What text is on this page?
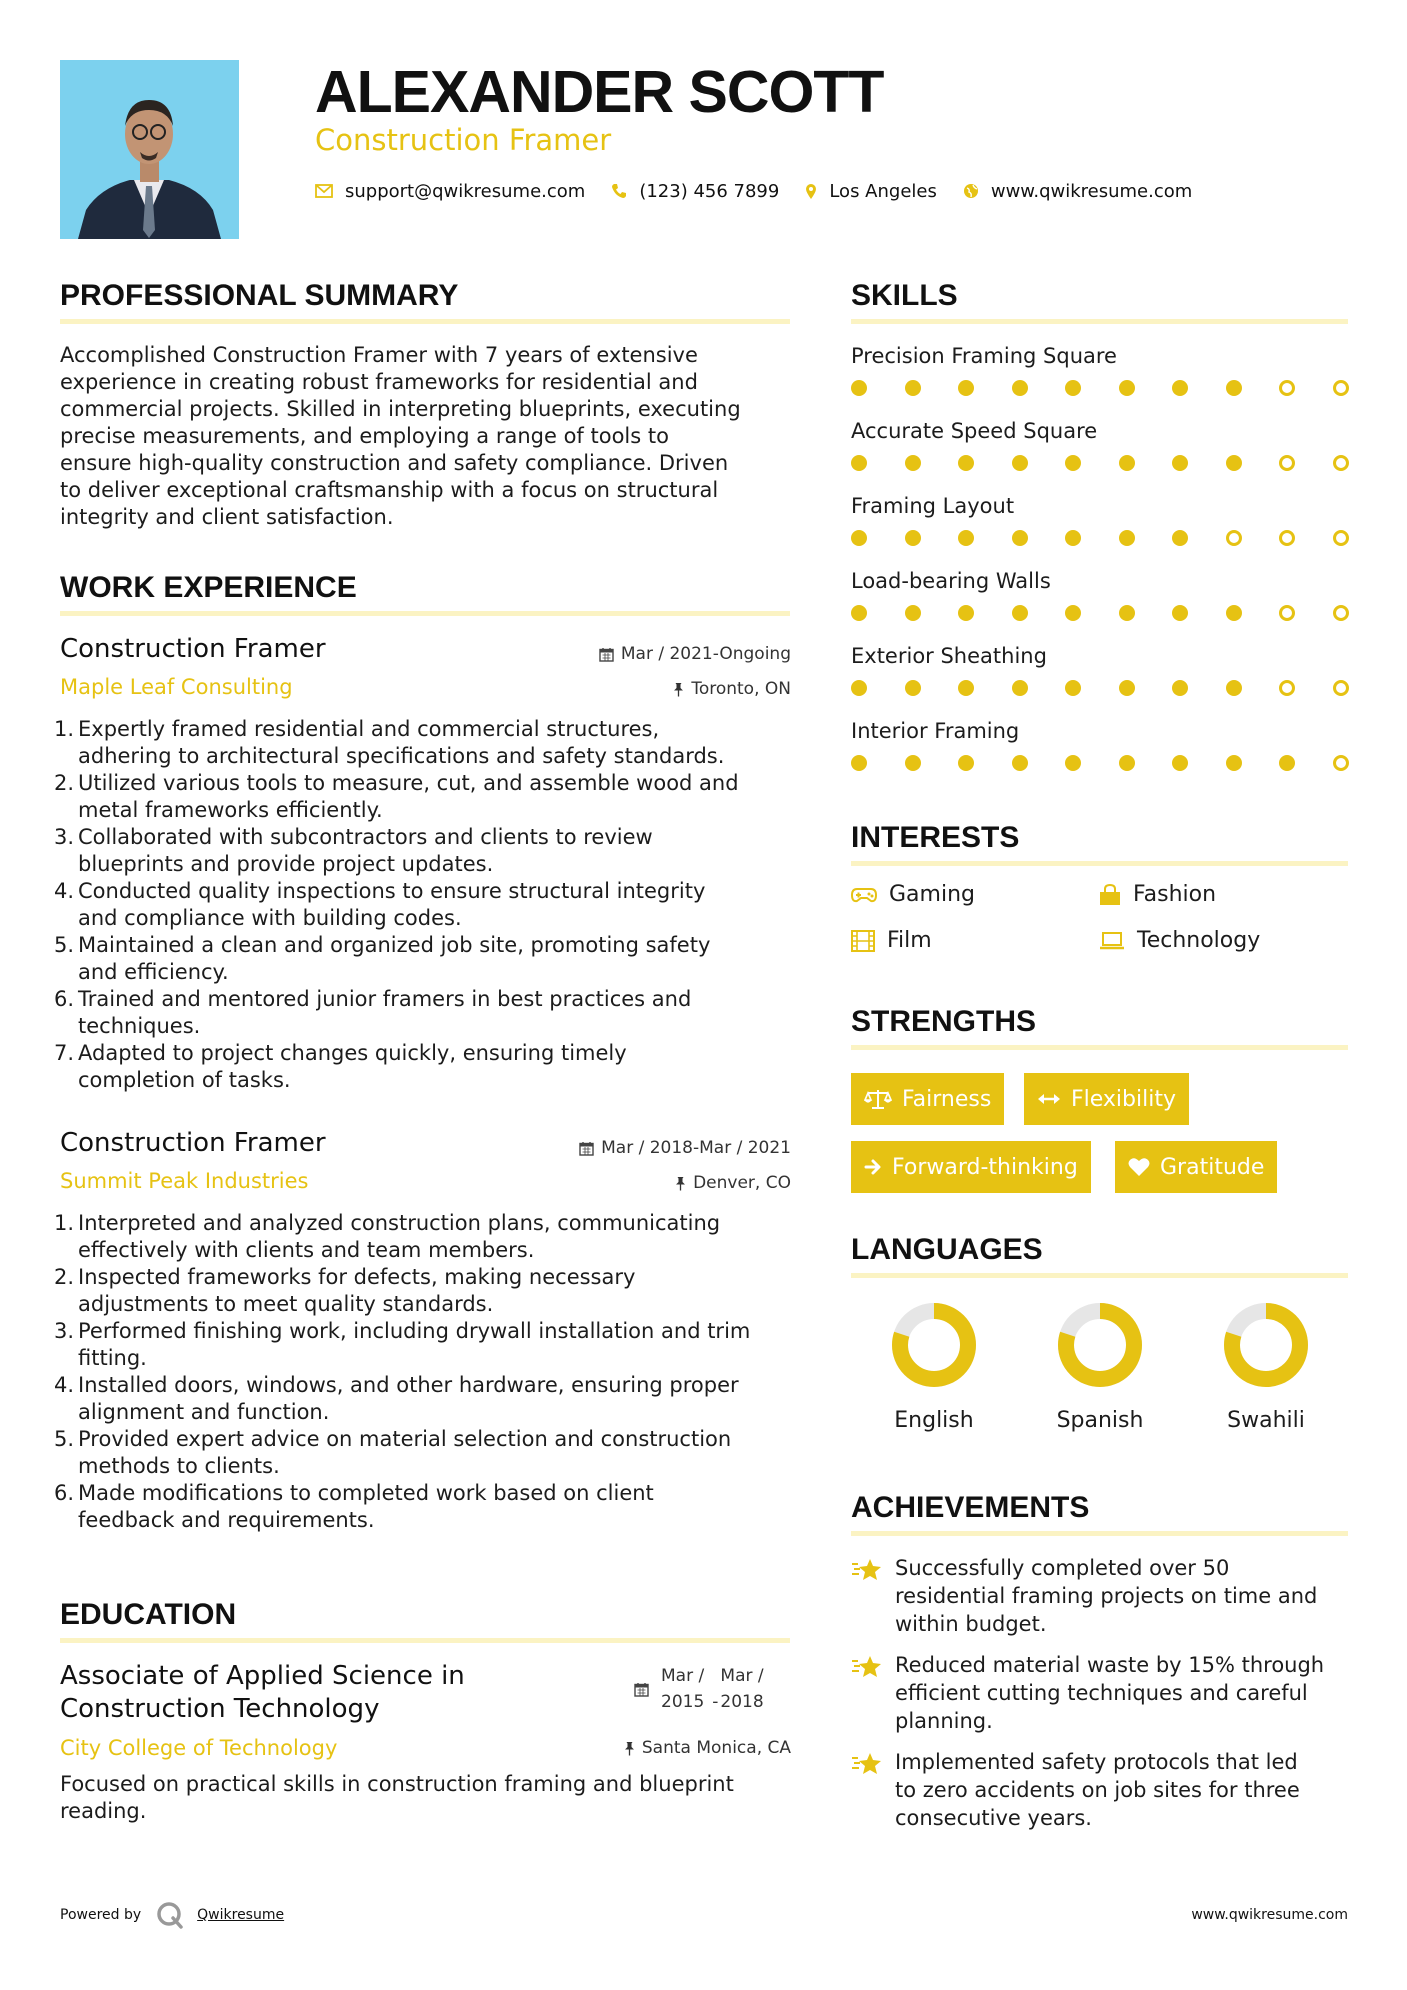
ALEXANDER SCOTT
Construction Framer
support@qwikresume.com	(123) 456 7899	Los Angeles	www.qwikresume.com
PROFESSIONAL SUMMARY
Accomplished Construction Framer with 7 years of extensive
experience in creating robust frameworks for residential and
commercial projects. Skilled in interpreting blueprints, executing
precise measurements, and employing a range of tools to
ensure high-quality construction and safety compliance. Driven
to deliver exceptional craftsmanship with a focus on structural
integrity and client satisfaction.
WORK EXPERIENCE
Construction Framer	Mar / 2021-Ongoing
Maple Leaf Consulting	Toronto, ON
1. Expertly framed residential and commercial structures,
adhering to architectural specifications and safety standards.
2. Utilized various tools to measure, cut, and assemble wood and
metal frameworks efficiently.
3. Collaborated with subcontractors and clients to review
blueprints and provide project updates.
4. Conducted quality inspections to ensure structural integrity
and compliance with building codes.
5. Maintained a clean and organized job site, promoting safety
and efficiency.
6. Trained and mentored junior framers in best practices and
techniques.
7. Adapted to project changes quickly, ensuring timely
completion of tasks.
Construction Framer	Mar / 2018-Mar / 2021
Summit Peak Industries	Denver, CO
1. Interpreted and analyzed construction plans, communicating
effectively with clients and team members.
2. Inspected frameworks for defects, making necessary
adjustments to meet quality standards.
3. Performed finishing work, including drywall installation and trim
fitting.
4. Installed doors, windows, and other hardware, ensuring proper
alignment and function.
5. Provided expert advice on material selection and construction
methods to clients.
6. Made modifications to completed work based on client
feedback and requirements.
EDUCATION
Associate of Applied Science in
Construction Technology
Mar /
2015 -
Mar /
2018
City College of Technology	Santa Monica, CA
Focused on practical skills in construction framing and blueprint
reading.
SKILLS
Precision Framing Square
Accurate Speed Square
Framing Layout
Load-bearing Walls
Exterior Sheathing
Interior Framing
INTERESTS
Gaming	Fashion
Film	Technology
STRENGTHS
Fairness	Flexibility
Forward-thinking	Gratitude
LANGUAGES
English	Spanish	Swahili
ACHIEVEMENTS
Successfully completed over 50
residential framing projects on time and
within budget.
Reduced material waste by 15% through
efficient cutting techniques and careful
planning.
Implemented safety protocols that led
to zero accidents on job sites for three
consecutive years.
Powered by	Qwikresume	www.qwikresume.com
